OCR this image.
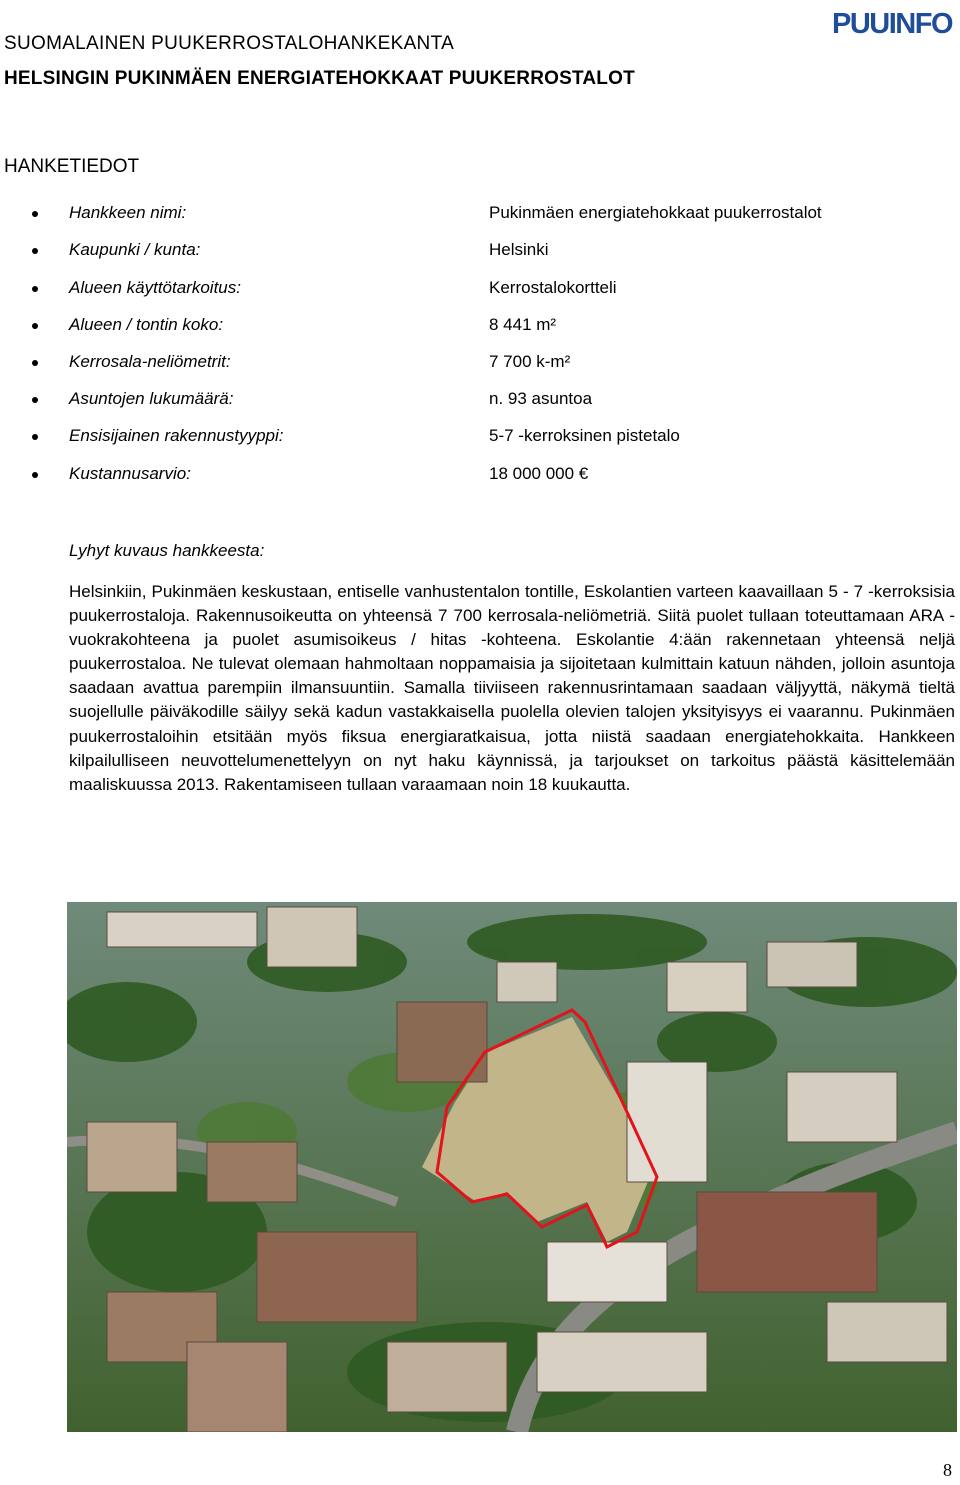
PUUINFO
SUOMALAINEN PUUKERROSTALOHANKEKANTA
HELSINGIN PUKINMÄEN ENERGIATEHOKKAAT PUUKERROSTALOT
HANKETIEDOT
Hankkeen nimi:	Pukinmäen energiatehokkaat puukerrostalot
Kaupunki / kunta:	Helsinki
Alueen käyttötarkoitus:	Kerrostalokortteli
Alueen / tontin koko:	8 441 m²
Kerrosala-neliömetrit:	7 700 k-m²
Asuntojen lukumäärä:	n. 93 asuntoa
Ensisijainen rakennustyyppi:	5-7 -kerroksinen pistetalo
Kustannusarvio:	18 000 000 €
Lyhyt kuvaus hankkeesta:

Helsinkiin, Pukinmäen keskustaan, entiselle vanhustentalon tontille, Eskolantien varteen kaavaillaan 5 - 7 -kerroksisia puukerrostaloja. Rakennusoikeutta on yhteensä 7 700 kerrosala-neliömetriä. Siitä puolet tullaan toteuttamaan ARA -vuokrakohteena ja puolet asumisoikeus / hitas -kohteena. Eskolantie 4:ään rakennetaan yhteensä neljä puukerrostaloa. Ne tulevat olemaan hahmoltaan noppamaisia ja sijoitetaan kulmittain katuun nähden, jolloin asuntoja saadaan avattua parempiin ilmansuuntiin. Samalla tiiviiseen rakennusrintamaan saadaan väljyyttä, näkymä tieltä suojellulle päiväkodille säilyy sekä kadun vastakkaisella puolella olevien talojen yksityisyys ei vaarannu. Pukinmäen puukerrostaloihin etsitään myös fiksua energiaratkaisua, jotta niistä saadaan energiatehokkaita. Hankkeen kilpailulliseen neuvottelumenettelyyn on nyt haku käynnissä, ja tarjoukset on tarkoitus päästä käsittelemään maaliskuussa 2013. Rakentamiseen tullaan varaamaan noin 18 kuukautta.

8
